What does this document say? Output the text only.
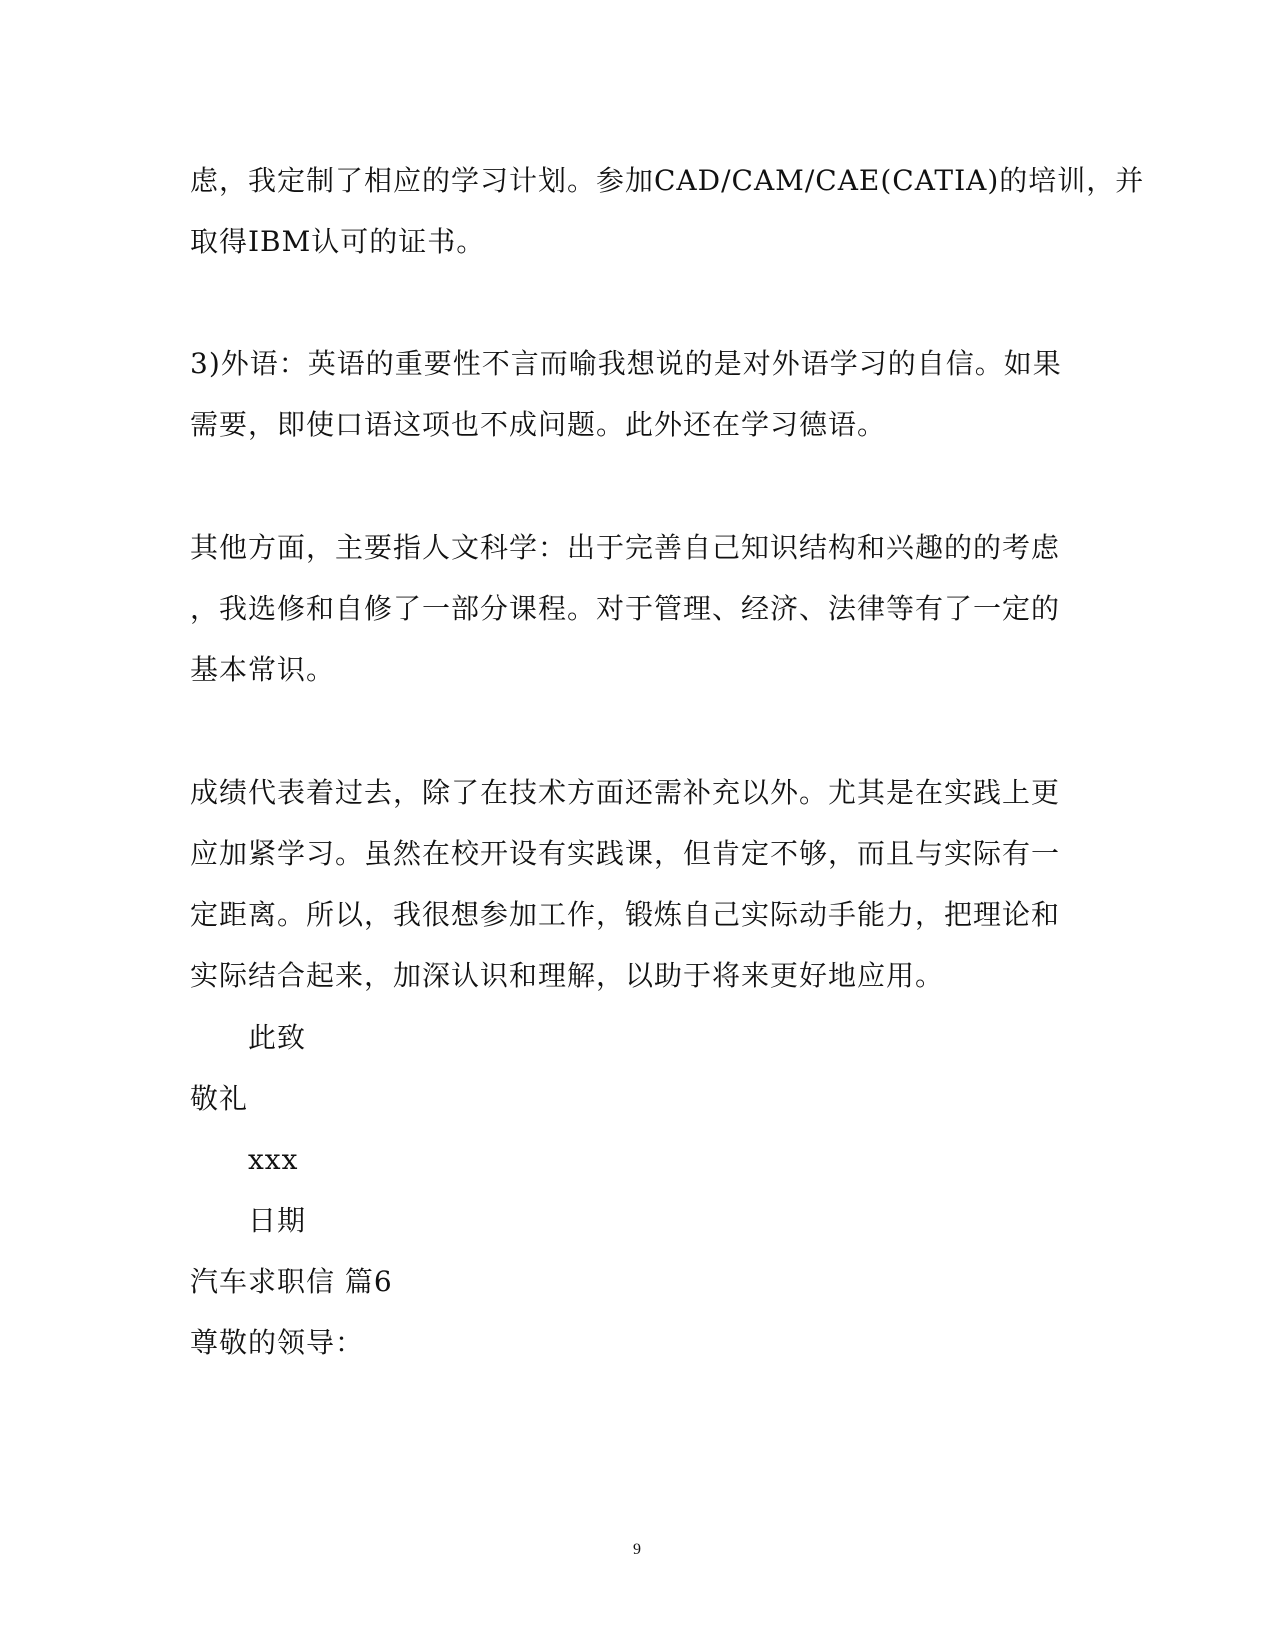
虑，我定制了相应的学习计划。参加CAD/CAM/CAE(CATIA)的培训，并
取得IBM认可的证书。
3)外语：英语的重要性不言而喻我想说的是对外语学习的自信。如果
需要，即使口语这项也不成问题。此外还在学习德语。
其他方面，主要指人文科学：出于完善自己知识结构和兴趣的的考虑
，我选修和自修了一部分课程。对于管理、经济、法律等有了一定的
基本常识。
成绩代表着过去，除了在技术方面还需补充以外。尤其是在实践上更
应加紧学习。虽然在校开设有实践课，但肯定不够，而且与实际有一
定距离。所以，我很想参加工作，锻炼自己实际动手能力，把理论和
实际结合起来，加深认识和理解，以助于将来更好地应用。
此致
敬礼
xxx
日期
汽车求职信 篇6
尊敬的领导：
9
